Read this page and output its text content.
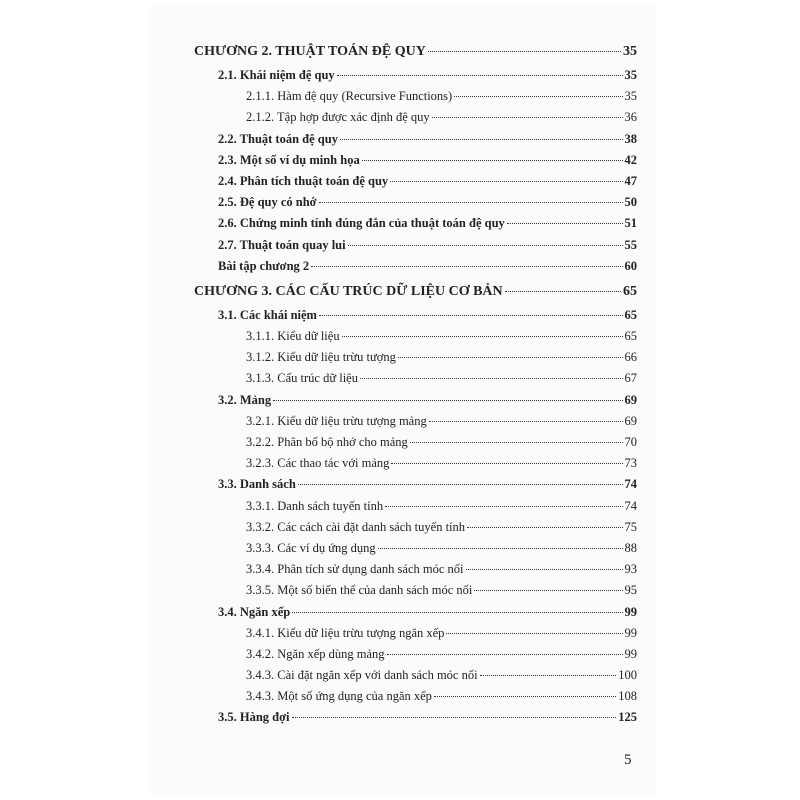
CHƯƠNG 2. THUẬT TOÁN ĐỆ QUY	35
2.1. Khái niệm đệ quy	35
2.1.1. Hàm đệ quy (Recursive Functions)	35
2.1.2. Tập hợp được xác định đệ quy	36
2.2. Thuật toán đệ quy	38
2.3. Một số ví dụ minh họa	42
2.4. Phân tích thuật toán đệ quy	47
2.5. Đệ quy có nhớ	50
2.6. Chứng minh tính đúng đắn của thuật toán đệ quy	51
2.7. Thuật toán quay lui	55
Bài tập chương 2	60
CHƯƠNG 3. CÁC CẤU TRÚC DỮ LIỆU CƠ BẢN	65
3.1. Các khái niệm	65
3.1.1. Kiểu dữ liệu	65
3.1.2. Kiểu dữ liệu trừu tượng	66
3.1.3. Cấu trúc dữ liệu	67
3.2. Mảng	69
3.2.1. Kiểu dữ liệu trừu tượng mảng	69
3.2.2. Phân bố bộ nhớ cho mảng	70
3.2.3. Các thao tác với mảng	73
3.3. Danh sách	74
3.3.1. Danh sách tuyến tính	74
3.3.2. Các cách cài đặt danh sách tuyến tính	75
3.3.3. Các ví dụ ứng dụng	88
3.3.4. Phân tích sử dụng danh sách móc nối	93
3.3.5. Một số biến thể của danh sách móc nối	95
3.4. Ngăn xếp	99
3.4.1. Kiểu dữ liệu trừu tượng ngăn xếp	99
3.4.2. Ngăn xếp dùng mảng	99
3.4.3. Cài đặt ngăn xếp với danh sách móc nối	100
3.4.3. Một số ứng dụng của ngăn xếp	108
3.5. Hàng đợi	125
5
